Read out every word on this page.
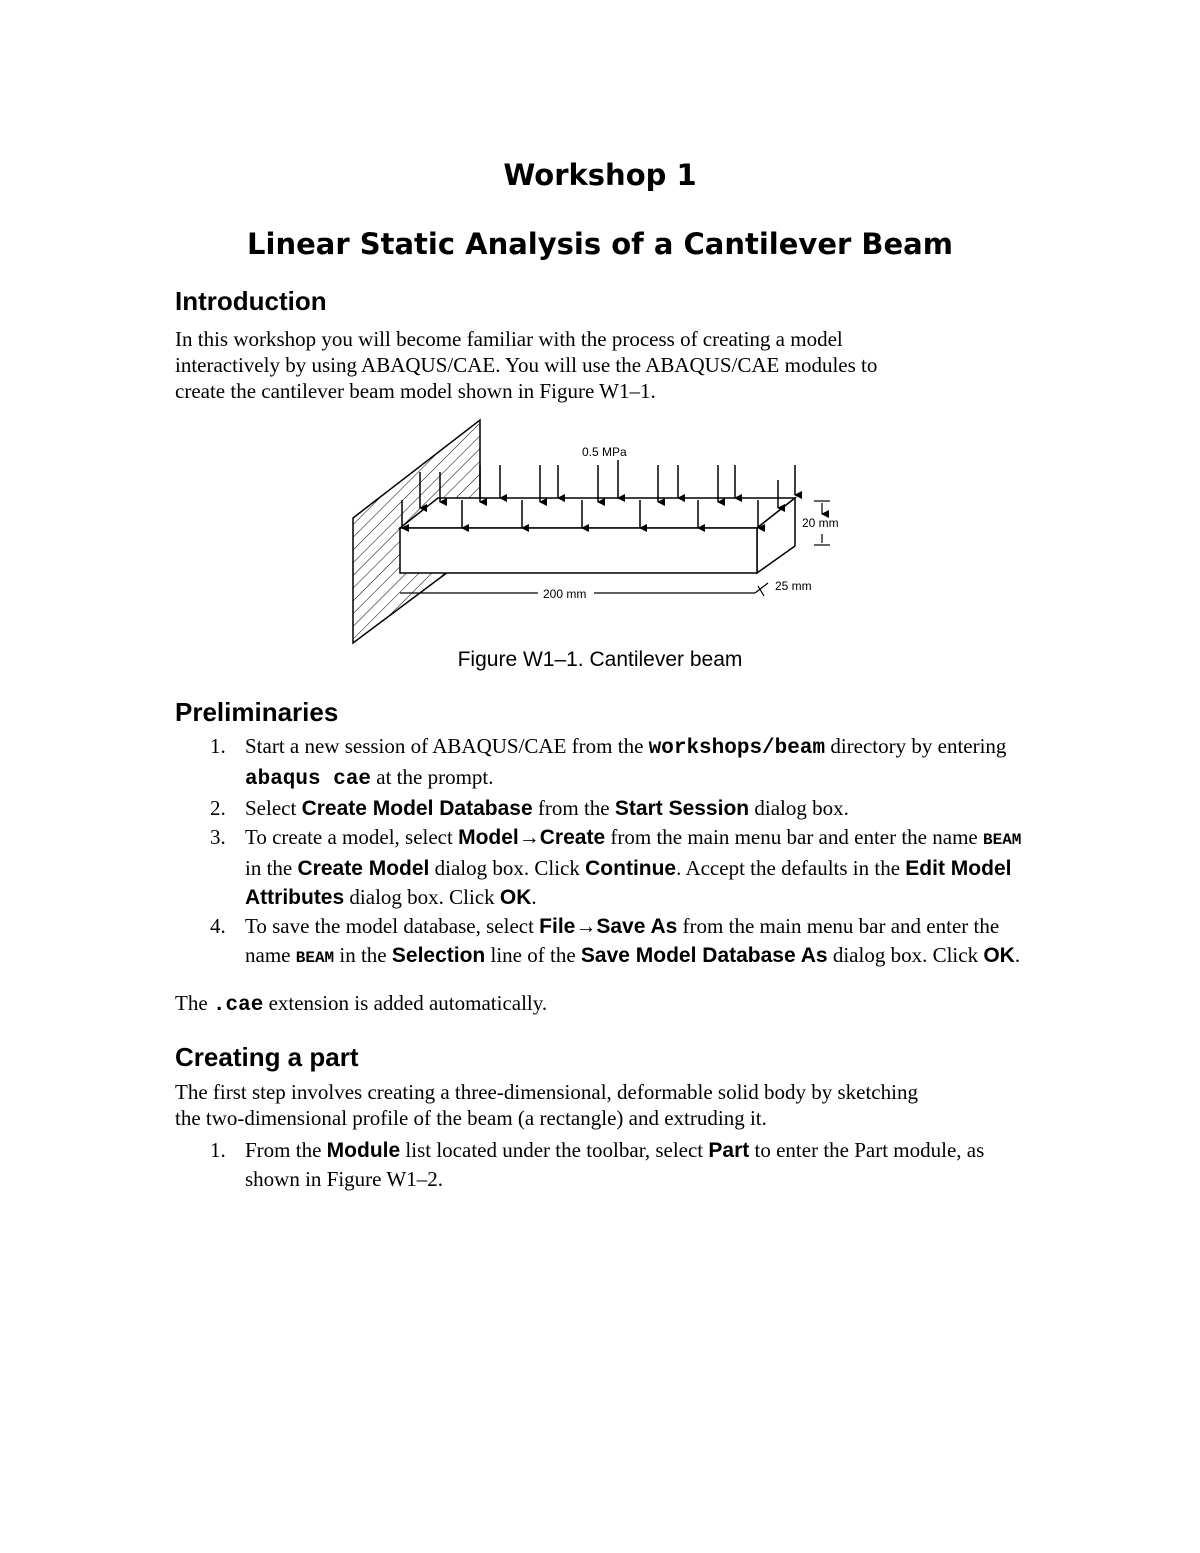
Workshop 1
Linear Static Analysis of a Cantilever Beam
Introduction
In this workshop you will become familiar with the process of creating a model
interactively by using ABAQUS/CAE. You will use the ABAQUS/CAE modules to
create the cantilever beam model shown in Figure W1–1.
0.5 MPa
20 mm
25 mm
200 mm
Figure W1–1. Cantilever beam
Preliminaries
1. Start a new session of ABAQUS/CAE from the workshops/beam directory by entering abaqus cae at the prompt.
2. Select Create Model Database from the Start Session dialog box.
3. To create a model, select Model→Create from the main menu bar and enter the name BEAM in the Create Model dialog box. Click Continue. Accept the defaults in the Edit Model Attributes dialog box. Click OK.
4. To save the model database, select File→Save As from the main menu bar and enter the name BEAM in the Selection line of the Save Model Database As dialog box. Click OK.
The .cae extension is added automatically.
Creating a part
The first step involves creating a three-dimensional, deformable solid body by sketching
the two-dimensional profile of the beam (a rectangle) and extruding it.
1. From the Module list located under the toolbar, select Part to enter the Part module, as shown in Figure W1–2.
